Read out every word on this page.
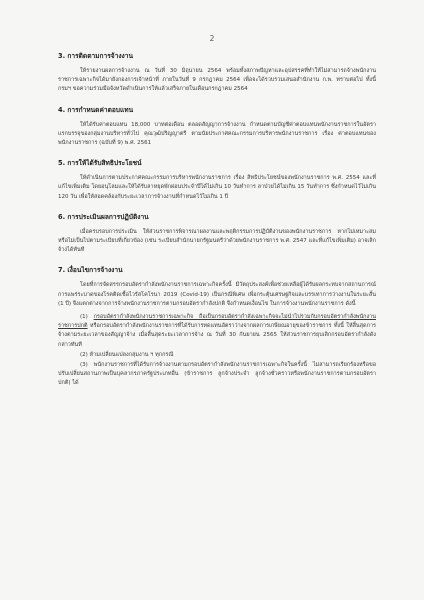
2
3. การติดตามการจ้างงาน
ให้รายงานผลการจ้างงาน ณ วันที่ 30 มิถุนายน 2564 พร้อมทั้งสภาพปัญหาและอุปสรรคที่ทำให้ไม่สามารถจ้างพนักงานราชการเฉพาะกิจได้มายังกองการเจ้าหน้าที่ ภายในวันที่ 9 กรกฎาคม 2564 เพื่อจะได้รวบรวมเสนอสำนักงาน ก.พ. ทราบต่อไป ทั้งนี้กรมฯ ขอความร่วมมือจังหวัดดำเนินการให้แล้วเสร็จภายในเดือนกรกฎาคม 2564
4. การกำหนดค่าตอบแทน
ให้ได้รับค่าตอบแทน 18,000 บาทต่อเดือน ตลอดสัญญาการจ้างงาน กำหนดตามบัญชีค่าตอบแทนพนักงานราชการในอัตราแรกบรรจุของกลุ่มงานบริหารทั่วไป คุณวุฒิปริญญาตรี ตามนัยประกาศคณะกรรมการบริหารพนักงานราชการ เรื่อง ค่าตอบแทนของพนักงานราชการ (ฉบับที่ 9) พ.ศ. 2561
5. การให้ได้รับสิทธิประโยชน์
ให้ดำเนินการตามประกาศคณะกรรมการบริหารพนักงานราชการ เรื่อง สิทธิประโยชน์ของพนักงานราชการ พ.ศ. 2554 และที่แก้ไขเพิ่มเติม โดยอนุโลมและให้ได้รับลาหยุดพักผ่อนประจำปีได้ไม่เกิน 10 วันทำการ ลาป่วยได้ไม่เกิน 15 วันทำการ ซึ่งกำหนดไว้ไม่เกิน 120 วัน เพื่อให้สอดคล้องกับระยะเวลาการจ้างงานที่กำหนดไว้ไม่เกิน 1 ปี
6. การประเมินผลการปฏิบัติงาน
เมื่อครบรอบการประเมิน ให้ส่วนราชการพิจารณาผลงานและพฤติกรรมการปฏิบัติงานของพนักงานราชการ หากไม่เหมาะสมหรือไม่เป็นไปตามระเบียบที่เกี่ยวข้อง (เช่น ระเบียบสำนักนายกรัฐมนตรีว่าด้วยพนักงานราชการ พ.ศ. 2547 และที่แก้ไขเพิ่มเติม) อาจเลิกจ้างได้ทันที
7. เงื่อนไขการจ้างงาน
โดยที่การจัดสรรกรอบอัตรากำลังพนักงานราชการเฉพาะกิจครั้งนี้ มีวัตถุประสงค์เพื่อช่วยเหลือผู้ได้รับผลกระทบจากสถานการณ์การแพร่ระบาดของโรคติดเชื้อไวรัสโคโรนา 2019 (Covid-19) เป็นกรณีพิเศษ เพื่อกระตุ้นเศรษฐกิจและบรรเทาการว่างงานในระยะสั้น (1 ปี) จึงแตกต่างจากการจ้างพนักงานราชการตามกรอบอัตรากำลังปกติ จึงกำหนดเงื่อนไข ในการจ้างงานพนักงานราชการ ดังนี้
(1) กรอบอัตรากำลังพนักงานราชการเฉพาะกิจ ถือเป็นกรอบอัตรากำลังเฉพาะกิจจะไม่นำไปรวมกับกรอบอัตรากำลังพนักงานราชการปกติ หรือกรอบอัตรากำลังพนักงานราชการที่ได้รับการทดแทนอัตราว่างจากผลการเกษียณอายุของข้าราชการ ทั้งนี้ ให้สิ้นสุดการจ้างตามระยะเวลาของสัญญาจ้าง เมื่อสิ้นสุดระยะเวลาการจ้าง ณ วันที่ 30 กันยายน 2565 ให้ส่วนราชการยุบเลิกกรอบอัตรากำลังดังกล่าวทันที
(2) ห้ามเปลี่ยนแปลงกลุ่มงาน ฯ ทุกกรณี
(3) พนักงานราชการที่ได้รับการจ้างงานตามกรอบอัตรากำลังพนักงานราชการเฉพาะกิจในครั้งนี้ ไม่สามารถเรียกร้องหรือขอปรับเปลี่ยนสถานภาพเป็นบุคลากรภาครัฐประเภทอื่น (ข้าราชการ ลูกจ้างประจำ ลูกจ้างชั่วคราวหรือพนักงานราชการตามกรอบอัตราปกติ) ได้
